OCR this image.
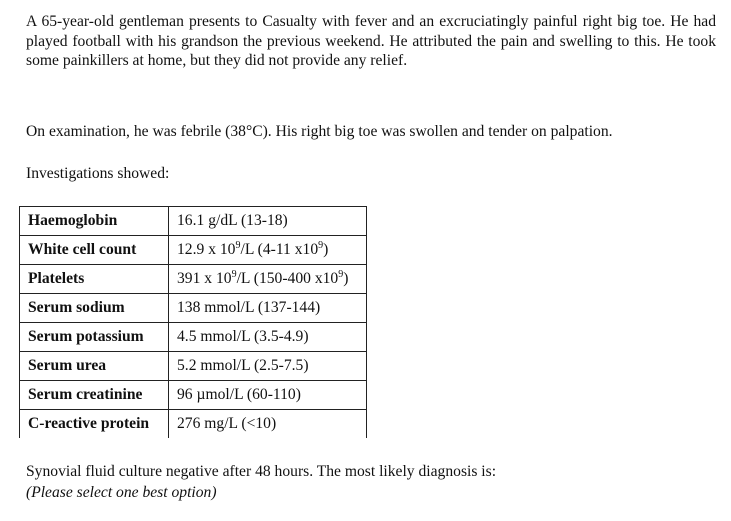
A 65-year-old gentleman presents to Casualty with fever and an excruciatingly painful right big toe. He had played football with his grandson the previous weekend. He attributed the pain and swelling to this. He took some painkillers at home, but they did not provide any relief.

On examination, he was febrile (38°C). His right big toe was swollen and tender on palpation.

Investigations showed:

Haemoglobin	16.1 g/dL (13-18)
White cell count	12.9 x $10^9/L$ (4-11 $x10^9$)
Platelets	391 x $10^9/L$ (150-400 $x10^9$)
Serum sodium	138 mmol/L (137-144)
Serum potassium	4.5 mmol/L (3.5-4.9)
Serum urea	5.2 mmol/L (2.5-7.5)
Serum creatinine	96 µmol/L (60-110)
C-reactive protein	276 mg/L (<10)

Synovial fluid culture negative after 48 hours. The most likely diagnosis is:

(Please select one best option)
